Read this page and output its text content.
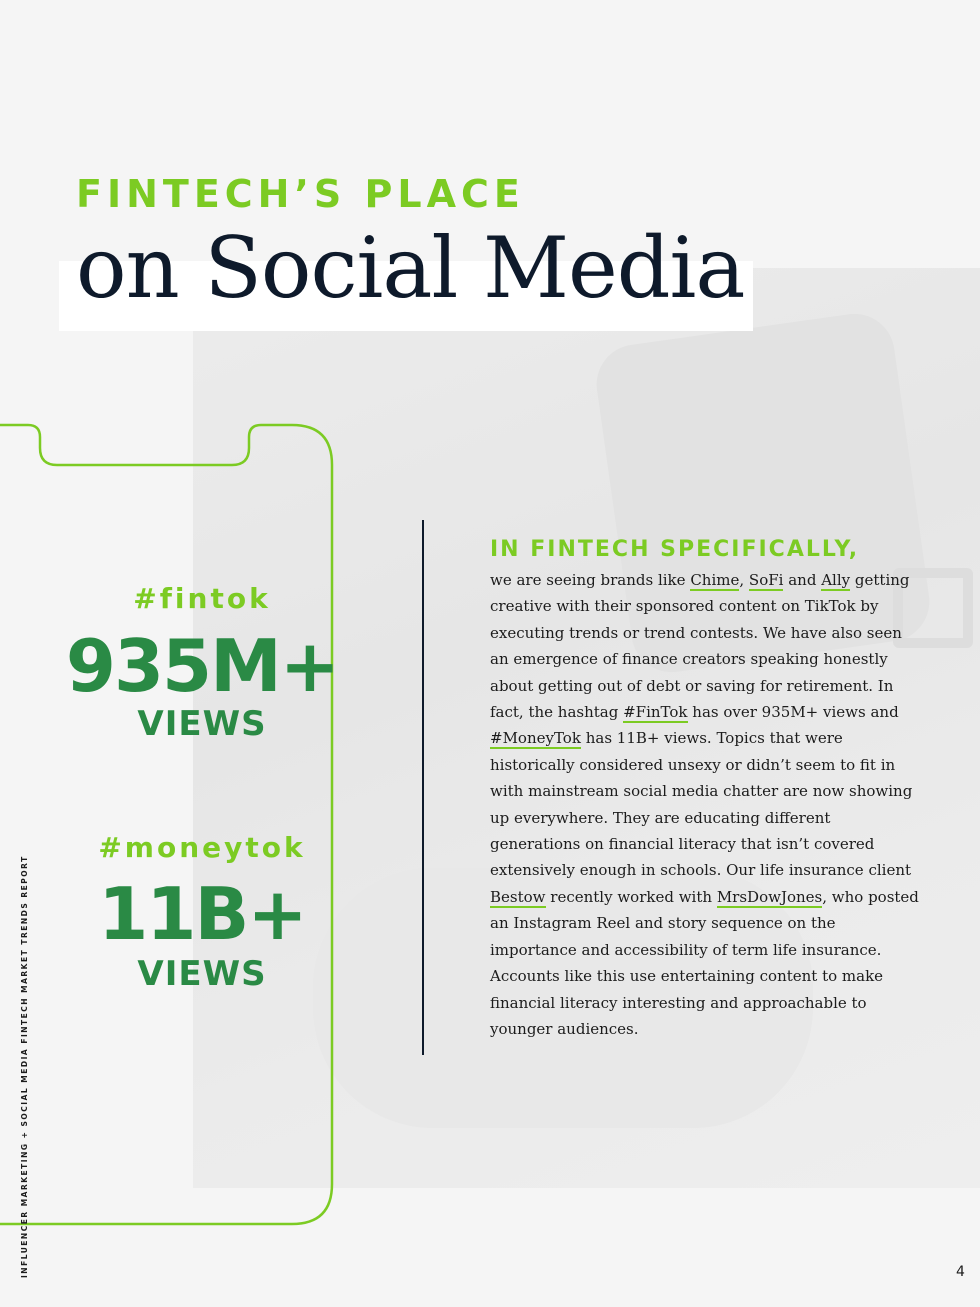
FINTECH’S PLACE
on Social Media
#fintok
935M+
VIEWS
#moneytok
11B+
VIEWS
IN FINTECH SPECIFICALLY,

we are seeing brands like Chime, SoFi and Ally getting creative with their sponsored content on TikTok by executing trends or trend contests. We have also seen an emergence of finance creators speaking honestly about getting out of debt or saving for retirement. In fact, the hashtag #FinTok has over 935M+ views and #MoneyTok has 11B+ views. Topics that were historically considered unsexy or didn’t seem to fit in with mainstream social media chatter are now showing up everywhere. They are educating different generations on financial literacy that isn’t covered extensively enough in schools. Our life insurance client Bestow recently worked with MrsDowJones, who posted an Instagram Reel and story sequence on the importance and accessibility of term life insurance. Accounts like this use entertaining content to make financial literacy interesting and approachable to younger audiences.

INFLUENCER MARKETING + SOCIAL MEDIA FINTECH MARKET TRENDS REPORT	4
